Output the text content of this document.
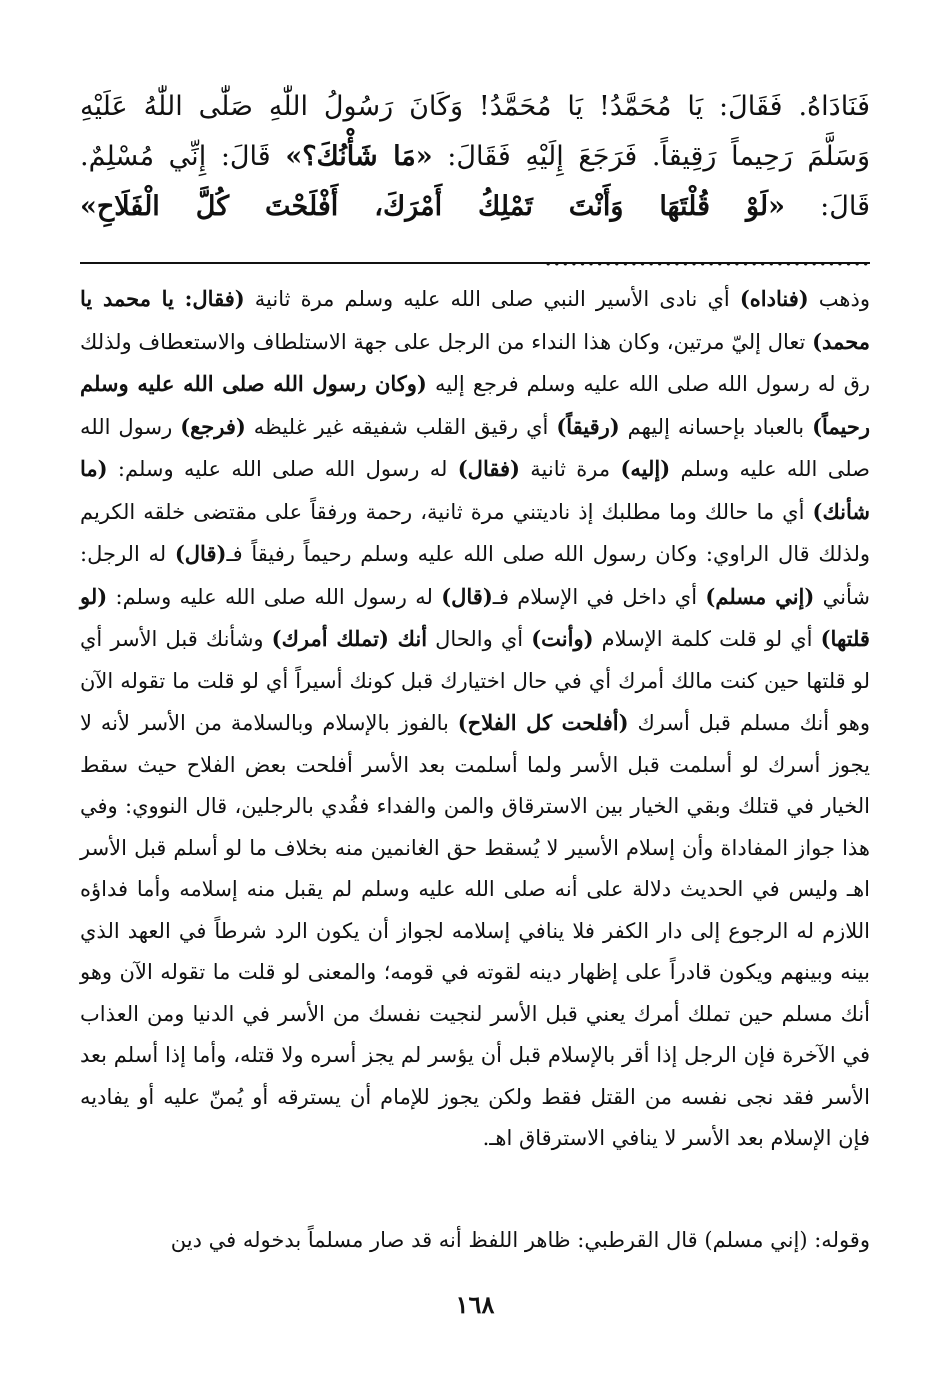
فَنَادَاهُ. فَقَالَ: يَا مُحَمَّدُ! يَا مُحَمَّدُ! وَكَانَ رَسُولُ اللّٰهِ صَلّٰى اللّٰهُ عَلَيْهِ وَسَلَّمَ رَحِيماً رَقِيقاً. فَرَجَعَ إِلَيْهِ فَقَالَ: «مَا شَأْنُكَ؟» قَالَ: إِنِّي مُسْلِمٌ. قَالَ: «لَوْ قُلْتَهَا وَأَنْتَ تَمْلِكُ أَمْرَكَ، أَفْلَحْتَ كُلَّ الْفَلَاحِ» ......................................
وذهب (فناداه) أي نادى الأسير النبي صلى الله عليه وسلم مرة ثانية (فقال: يا محمد يا محمد) تعال إليّ مرتين، وكان هذا النداء من الرجل على جهة الاستلطاف والاستعطاف ولذلك رق له رسول الله صلى الله عليه وسلم فرجع إليه (وكان رسول الله صلى الله عليه وسلم رحيماً) بالعباد بإحسانه إليهم (رقيقاً) أي رقيق القلب شفيقه غير غليظه (فرجع) رسول الله صلى الله عليه وسلم (إليه) مرة ثانية (فقال) له رسول الله صلى الله عليه وسلم: (ما شأنك) أي ما حالك وما مطلبك إذ ناديتني مرة ثانية، رحمة ورفقاً على مقتضى خلقه الكريم ولذلك قال الراوي: وكان رسول الله صلى الله عليه وسلم رحيماً رفيقاً فـ(قال) له الرجل: شأني (إني مسلم) أي داخل في الإسلام فـ(قال) له رسول الله صلى الله عليه وسلم: (لو قلتها) أي لو قلت كلمة الإسلام (وأنت) أي والحال أنك (تملك أمرك) وشأنك قبل الأسر أي لو قلتها حين كنت مالك أمرك أي في حال اختيارك قبل كونك أسيراً أي لو قلت ما تقوله الآن وهو أنك مسلم قبل أسرك (أفلحت كل الفلاح) بالفوز بالإسلام وبالسلامة من الأسر لأنه لا يجوز أسرك لو أسلمت قبل الأسر ولما أسلمت بعد الأسر أفلحت بعض الفلاح حيث سقط الخيار في قتلك وبقي الخيار بين الاسترقاق والمن والفداء ففُدي بالرجلين، قال النووي: وفي هذا جواز المفاداة وأن إسلام الأسير لا يُسقط حق الغانمين منه بخلاف ما لو أسلم قبل الأسر اهـ وليس في الحديث دلالة على أنه صلى الله عليه وسلم لم يقبل منه إسلامه وأما فداؤه اللازم له الرجوع إلى دار الكفر فلا ينافي إسلامه لجواز أن يكون الرد شرطاً في العهد الذي بينه وبينهم ويكون قادراً على إظهار دينه لقوته في قومه؛ والمعنى لو قلت ما تقوله الآن وهو أنك مسلم حين تملك أمرك يعني قبل الأسر لنجيت نفسك من الأسر في الدنيا ومن العذاب في الآخرة فإن الرجل إذا أقر بالإسلام قبل أن يؤسر لم يجز أسره ولا قتله، وأما إذا أسلم بعد الأسر فقد نجى نفسه من القتل فقط ولكن يجوز للإمام أن يسترقه أو يُمنّ عليه أو يفاديه فإن الإسلام بعد الأسر لا ينافي الاسترقاق اهـ.
وقوله: (إني مسلم) قال القرطبي: ظاهر اللفظ أنه قد صار مسلماً بدخوله في دين
١٦٨
